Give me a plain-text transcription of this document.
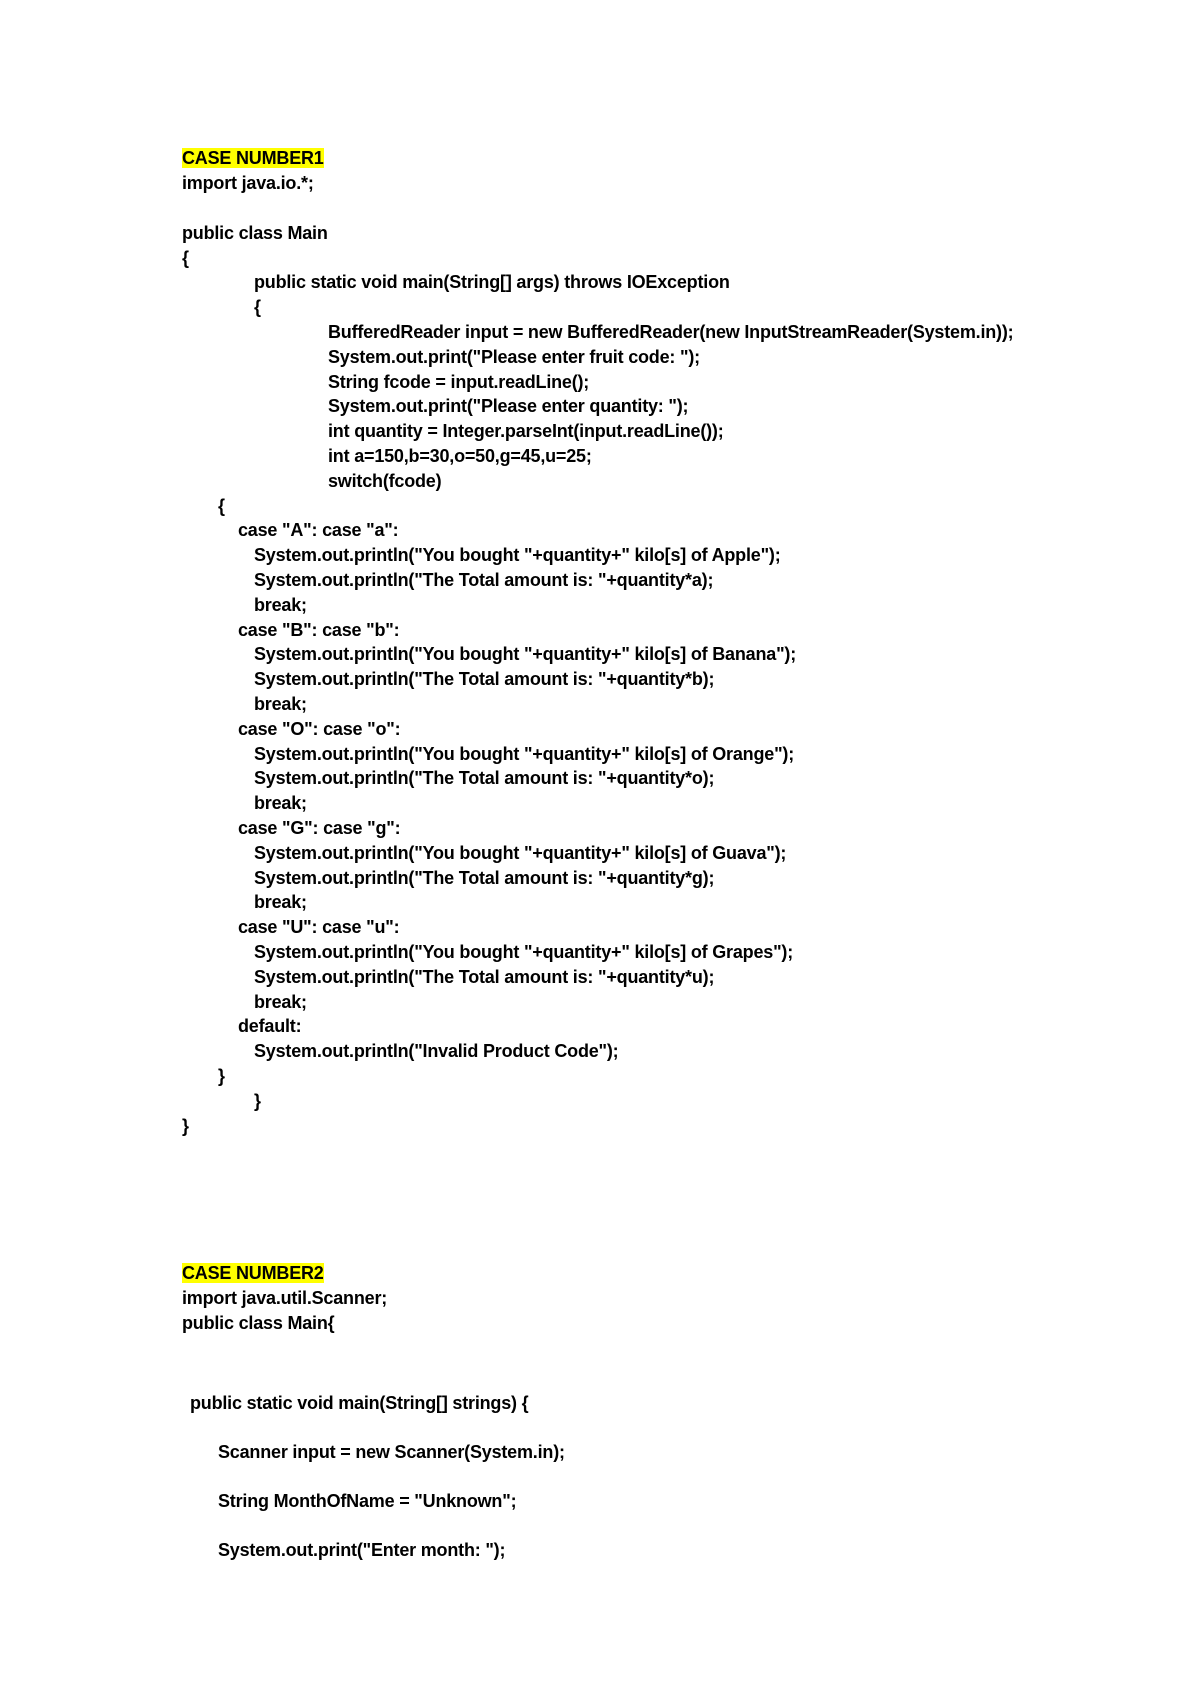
CASE NUMBER1
import java.io.*;
public class Main
{
public static void main(String[] args) throws IOException
{
BufferedReader input = new BufferedReader(new InputStreamReader(System.in));
System.out.print("Please enter fruit code: ");
String fcode = input.readLine();
System.out.print("Please enter quantity: ");
int quantity = Integer.parseInt(input.readLine());
int a=150,b=30,o=50,g=45,u=25;
switch(fcode)
{
case "A": case "a":
System.out.println("You bought "+quantity+" kilo[s] of Apple");
System.out.println("The Total amount is: "+quantity*a);
break;
case "B": case "b":
System.out.println("You bought "+quantity+" kilo[s] of Banana");
System.out.println("The Total amount is: "+quantity*b);
break;
case "O": case "o":
System.out.println("You bought "+quantity+" kilo[s] of Orange");
System.out.println("The Total amount is: "+quantity*o);
break;
case "G": case "g":
System.out.println("You bought "+quantity+" kilo[s] of Guava");
System.out.println("The Total amount is: "+quantity*g);
break;
case "U": case "u":
System.out.println("You bought "+quantity+" kilo[s] of Grapes");
System.out.println("The Total amount is: "+quantity*u);
break;
default:
System.out.println("Invalid Product Code");
}
}
}
CASE NUMBER2
import java.util.Scanner;
public class Main{
public static void main(String[] strings) {
Scanner input = new Scanner(System.in);
String MonthOfName = "Unknown";
System.out.print("Enter month: ");
